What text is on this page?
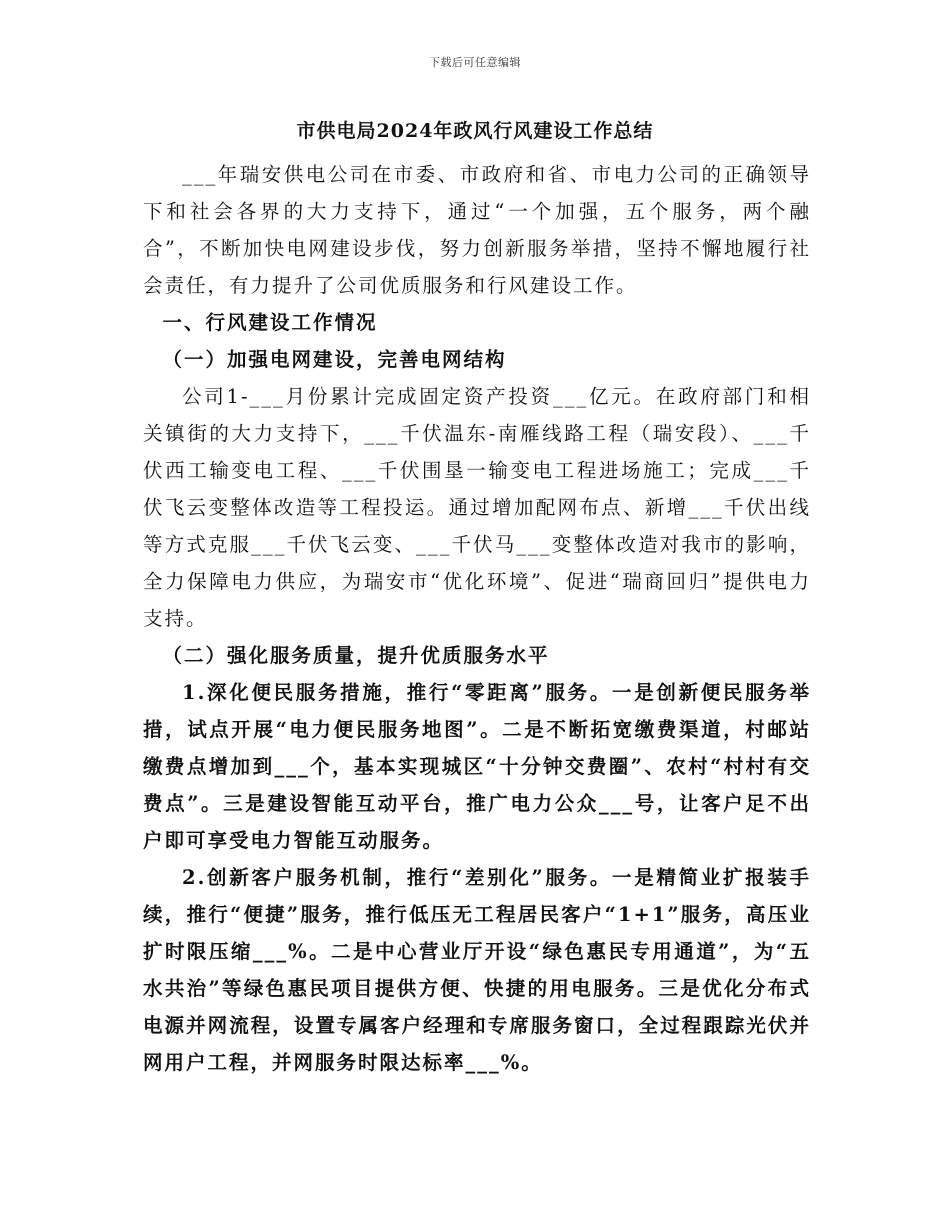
下载后可任意编辑
市供电局2024年政风行风建设工作总结

___年瑞安供电公司在市委、市政府和省、市电力公司的正确领导下和社会各界的大力支持下，通过“一个加强，五个服务，两个融合”，不断加快电网建设步伐，努力创新服务举措，坚持不懈地履行社会责任，有力提升了公司优质服务和行风建设工作。

一、行风建设工作情况

（一）加强电网建设，完善电网结构

公司1-___月份累计完成固定资产投资___亿元。在政府部门和相关镇街的大力支持下，___千伏温东-南雁线路工程（瑞安段）、___千伏西工输变电工程、___千伏围垦一输变电工程进场施工；完成___千伏飞云变整体改造等工程投运。通过增加配网布点、新增___千伏出线等方式克服___千伏飞云变、___千伏马___变整体改造对我市的影响，全力保障电力供应，为瑞安市“优化环境”、促进“瑞商回归”提供电力支持。

（二）强化服务质量，提升优质服务水平

1.深化便民服务措施，推行“零距离”服务。一是创新便民服务举措，试点开展“电力便民服务地图”。二是不断拓宽缴费渠道，村邮站缴费点增加到___个，基本实现城区“十分钟交费圈”、农村“村村有交费点”。三是建设智能互动平台，推广电力公众___号，让客户足不出户即可享受电力智能互动服务。

2.创新客户服务机制，推行“差别化”服务。一是精简业扩报装手续，推行“便捷”服务，推行低压无工程居民客户“1+1”服务，高压业扩时限压缩___%。二是中心营业厅开设“绿色惠民专用通道”，为“五水共治”等绿色惠民项目提供方便、快捷的用电服务。三是优化分布式电源并网流程，设置专属客户经理和专席服务窗口，全过程跟踪光伏并网用户工程，并网服务时限达标率___%。
